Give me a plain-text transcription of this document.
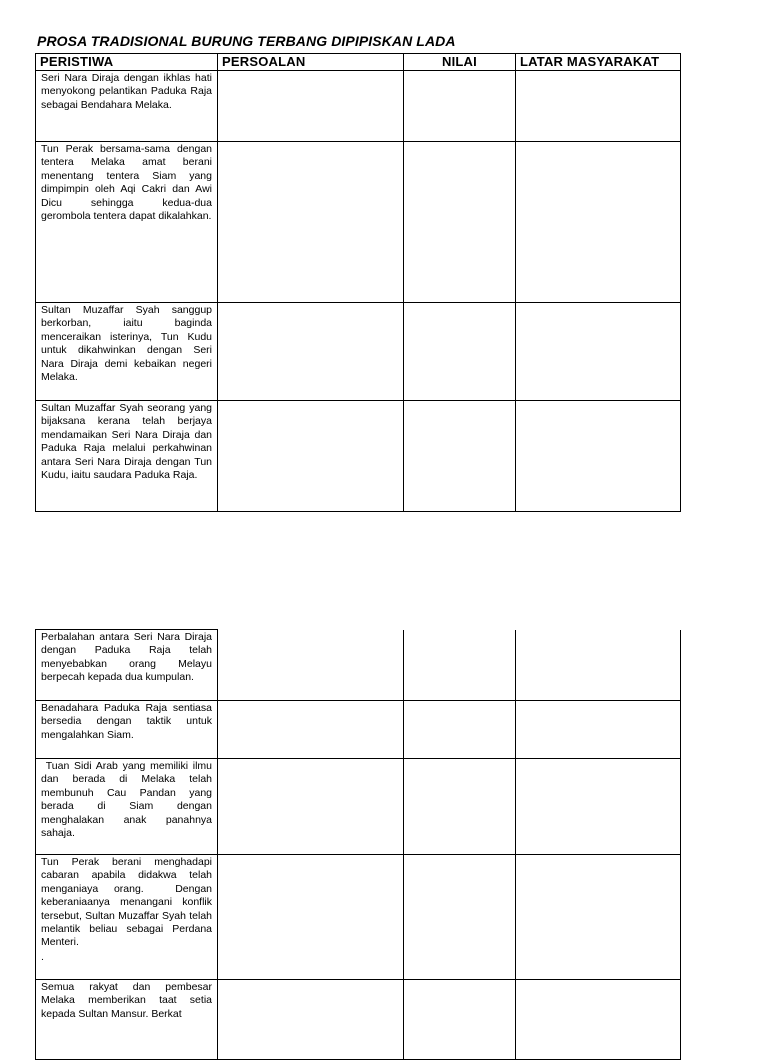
PROSA TRADISIONAL BURUNG TERBANG DIPIPISKAN LADA
PERISTIWA	PERSOALAN	NILAI	LATAR MASYARAKAT

Seri Nara Diraja dengan ikhlas hati menyokong pelantikan Paduka Raja sebagai Bendahara Melaka.			

Tun Perak bersama-sama dengan tentera Melaka amat berani menentang tentera Siam yang dimpimpin oleh Aqi Cakri dan Awi Dicu sehingga kedua-dua gerombola tentera dapat dikalahkan.			

Sultan Muzaffar Syah sanggup berkorban, iaitu baginda menceraikan isterinya, Tun Kudu untuk dikahwinkan dengan Seri Nara Diraja demi kebaikan negeri Melaka.			

Sultan Muzaffar Syah seorang yang bijaksana kerana telah berjaya mendamaikan Seri Nara Diraja dan Paduka Raja melalui perkahwinan antara Seri Nara Diraja dengan Tun Kudu, iaitu saudara Paduka Raja.			

Perbalahan antara Seri Nara Diraja dengan Paduka Raja telah menyebabkan orang Melayu berpecah kepada dua kumpulan.			

Benadahara Paduka Raja sentiasa bersedia dengan taktik untuk mengalahkan Siam.			

Tuan Sidi Arab yang memiliki ilmu dan berada di Melaka telah membunuh Cau Pandan yang berada di Siam dengan menghalakan anak panahnya sahaja.			

Tun Perak berani menghadapi cabaran apabila didakwa telah menganiaya orang.  Dengan keberaniaanya menangani konflik tersebut, Sultan Muzaffar Syah telah melantik beliau sebagai Perdana Menteri.
.			

Semua rakyat dan pembesar Melaka memberikan taat setia kepada Sultan Mansur. Berkat			
